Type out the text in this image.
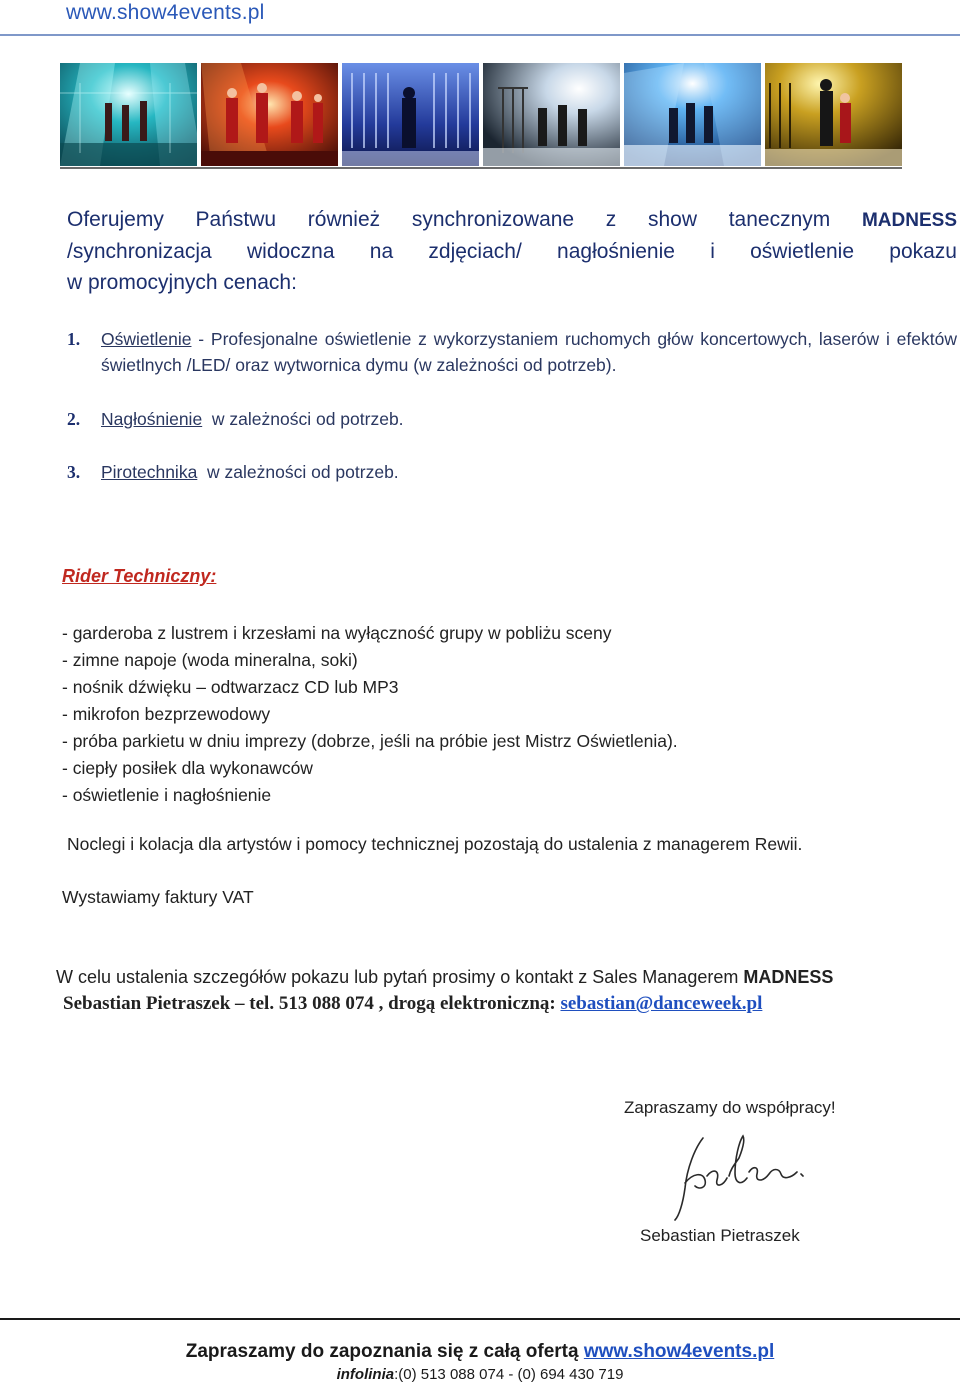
www.show4events.pl
Oferujemy Państwu również synchronizowane z show tanecznym MADNESS
/synchronizacja widoczna na zdjęciach/ nagłośnienie i oświetlenie pokazu
w promocyjnych cenach:
1. Oświetlenie - Profesjonalne oświetlenie z wykorzystaniem ruchomych głów koncertowych, laserów i efektów świetlnych /LED/ oraz wytwornica dymu (w zależności od potrzeb).
2. Nagłośnienie  w zależności od potrzeb.
3. Pirotechnika  w zależności od potrzeb.
Rider Techniczny:
- garderoba z lustrem i krzesłami na wyłączność grupy w pobliżu sceny
- zimne napoje (woda mineralna, soki)
- nośnik dźwięku – odtwarzacz CD lub MP3
- mikrofon bezprzewodowy
- próba parkietu w dniu imprezy (dobrze, jeśli na próbie jest Mistrz Oświetlenia).
- ciepły posiłek dla wykonawców
- oświetlenie i nagłośnienie
Noclegi i kolacja dla artystów i pomocy technicznej pozostają do ustalenia z managerem Rewii.
Wystawiamy faktury VAT
W celu ustalenia szczegółów pokazu lub pytań prosimy o kontakt z Sales Managerem MADNESS
Sebastian Pietraszek – tel. 513 088 074 , drogą elektroniczną: sebastian@danceweek.pl
Zapraszamy do współpracy!
Sebastian Pietraszek
Zapraszamy do zapoznania się z całą ofertą www.show4events.pl
infolinia:(0) 513 088 074 - (0) 694 430 719
